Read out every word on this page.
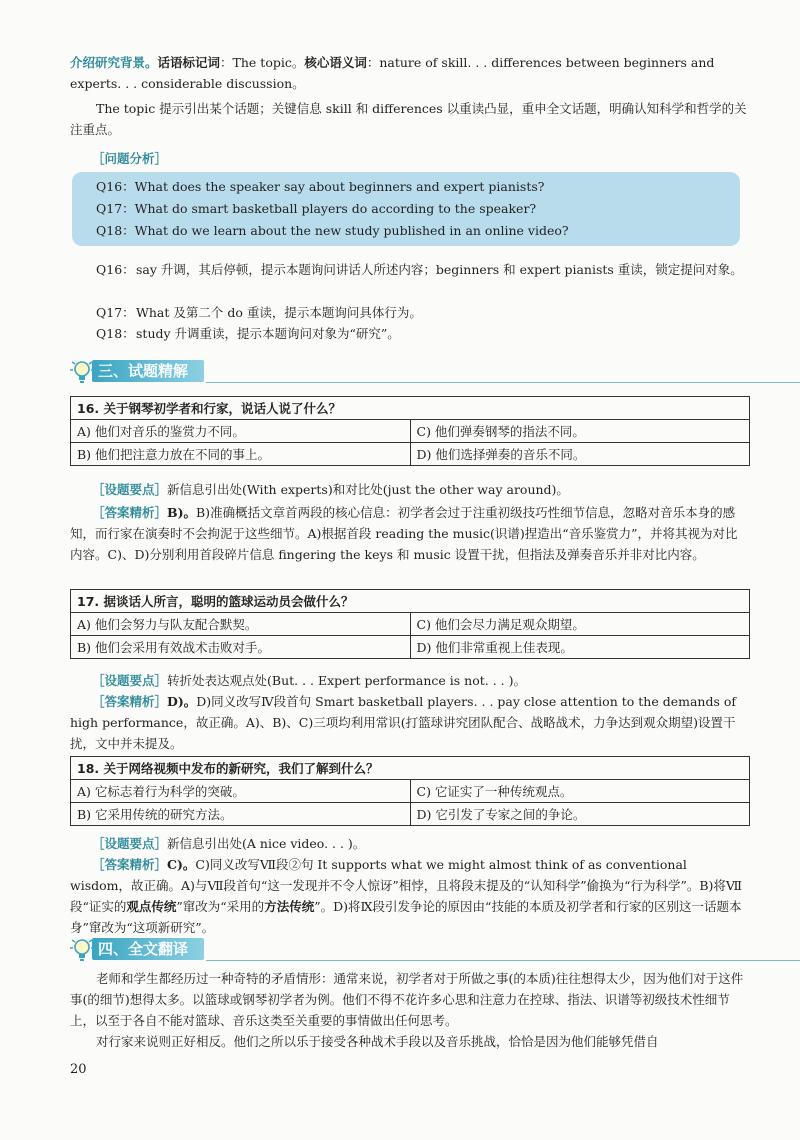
介绍研究背景。话语标记词：The topic。核心语义词：nature of skill. . . differences between beginners and experts. . . considerable discussion。

The topic 提示引出某个话题；关键信息 skill 和 differences 以重读凸显，重申全文话题，明确认知科学和哲学的关注重点。

［问题分析］
Q16：What does the speaker say about beginners and expert pianists?
Q17：What do smart basketball players do according to the speaker?
Q18：What do we learn about the new study published in an online video?
Q16： say 升调，其后停顿，提示本题询问讲话人所述内容；beginners 和 expert pianists 重读，锁定提问对象。
Q17： What 及第二个 do 重读，提示本题询问具体行为。
Q18： study 升调重读，提示本题询问对象为“研究”。
三、试题精解
16. 关于钢琴初学者和行家，说话人说了什么？	
A) 他们对音乐的鉴赏力不同。	C) 他们弹奏钢琴的指法不同。
B) 他们把注意力放在不同的事上。	D) 他们选择弹奏的音乐不同。

［设题要点］新信息引出处(With experts)和对比处(just the other way around)。

［答案精析］B)。B)准确概括文章首两段的核心信息：初学者会过于注重初级技巧性细节信息，忽略对音乐本身的感知，而行家在演奏时不会拘泥于这些细节。A)根据首段 reading the music(识谱)捏造出“音乐鉴赏力”，并将其视为对比内容。C)、D)分别利用首段碎片信息 fingering the keys 和 music 设置干扰，但指法及弹奏音乐并非对比内容。

17. 据谈话人所言，聪明的篮球运动员会做什么？	
A) 他们会努力与队友配合默契。	C) 他们会尽力满足观众期望。
B) 他们会采用有效战术击败对手。	D) 他们非常重视上佳表现。

［设题要点］转折处表达观点处(But. . . Expert performance is not. . . )。

［答案精析］D)。D)同义改写Ⅳ段首句 Smart basketball players. . . pay close attention to the demands of high performance，故正确。A)、B)、C)三项均利用常识(打篮球讲究团队配合、战略战术，力争达到观众期望)设置干扰，文中并未提及。

18. 关于网络视频中发布的新研究，我们了解到什么？	
A) 它标志着行为科学的突破。	C) 它证实了一种传统观点。
B) 它采用传统的研究方法。	D) 它引发了专家之间的争论。

［设题要点］新信息引出处(A nice video. . . )。

［答案精析］C)。C)同义改写Ⅶ段②句 It supports what we might almost think of as conventional wisdom，故正确。A)与Ⅶ段首句“这一发现并不令人惊讶”相悖，且将段末提及的“认知科学”偷换为“行为科学”。B)将Ⅶ段“证实的观点传统”窜改为“采用的方法传统”。D)将Ⅸ段引发争论的原因由“技能的本质及初学者和行家的区别这一话题本身”窜改为“这项新研究”。

四、全文翻译

老师和学生都经历过一种奇特的矛盾情形：通常来说，初学者对于所做之事(的本质)往往想得太少，因为他们对于这件事(的细节)想得太多。以篮球或钢琴初学者为例。他们不得不花许多心思和注意力在控球、指法、识谱等初级技术性细节上，以至于各自不能对篮球、音乐这类至关重要的事情做出任何思考。

对行家来说则正好相反。他们之所以乐于接受各种战术手段以及音乐挑战，恰恰是因为他们能够凭借自

20
